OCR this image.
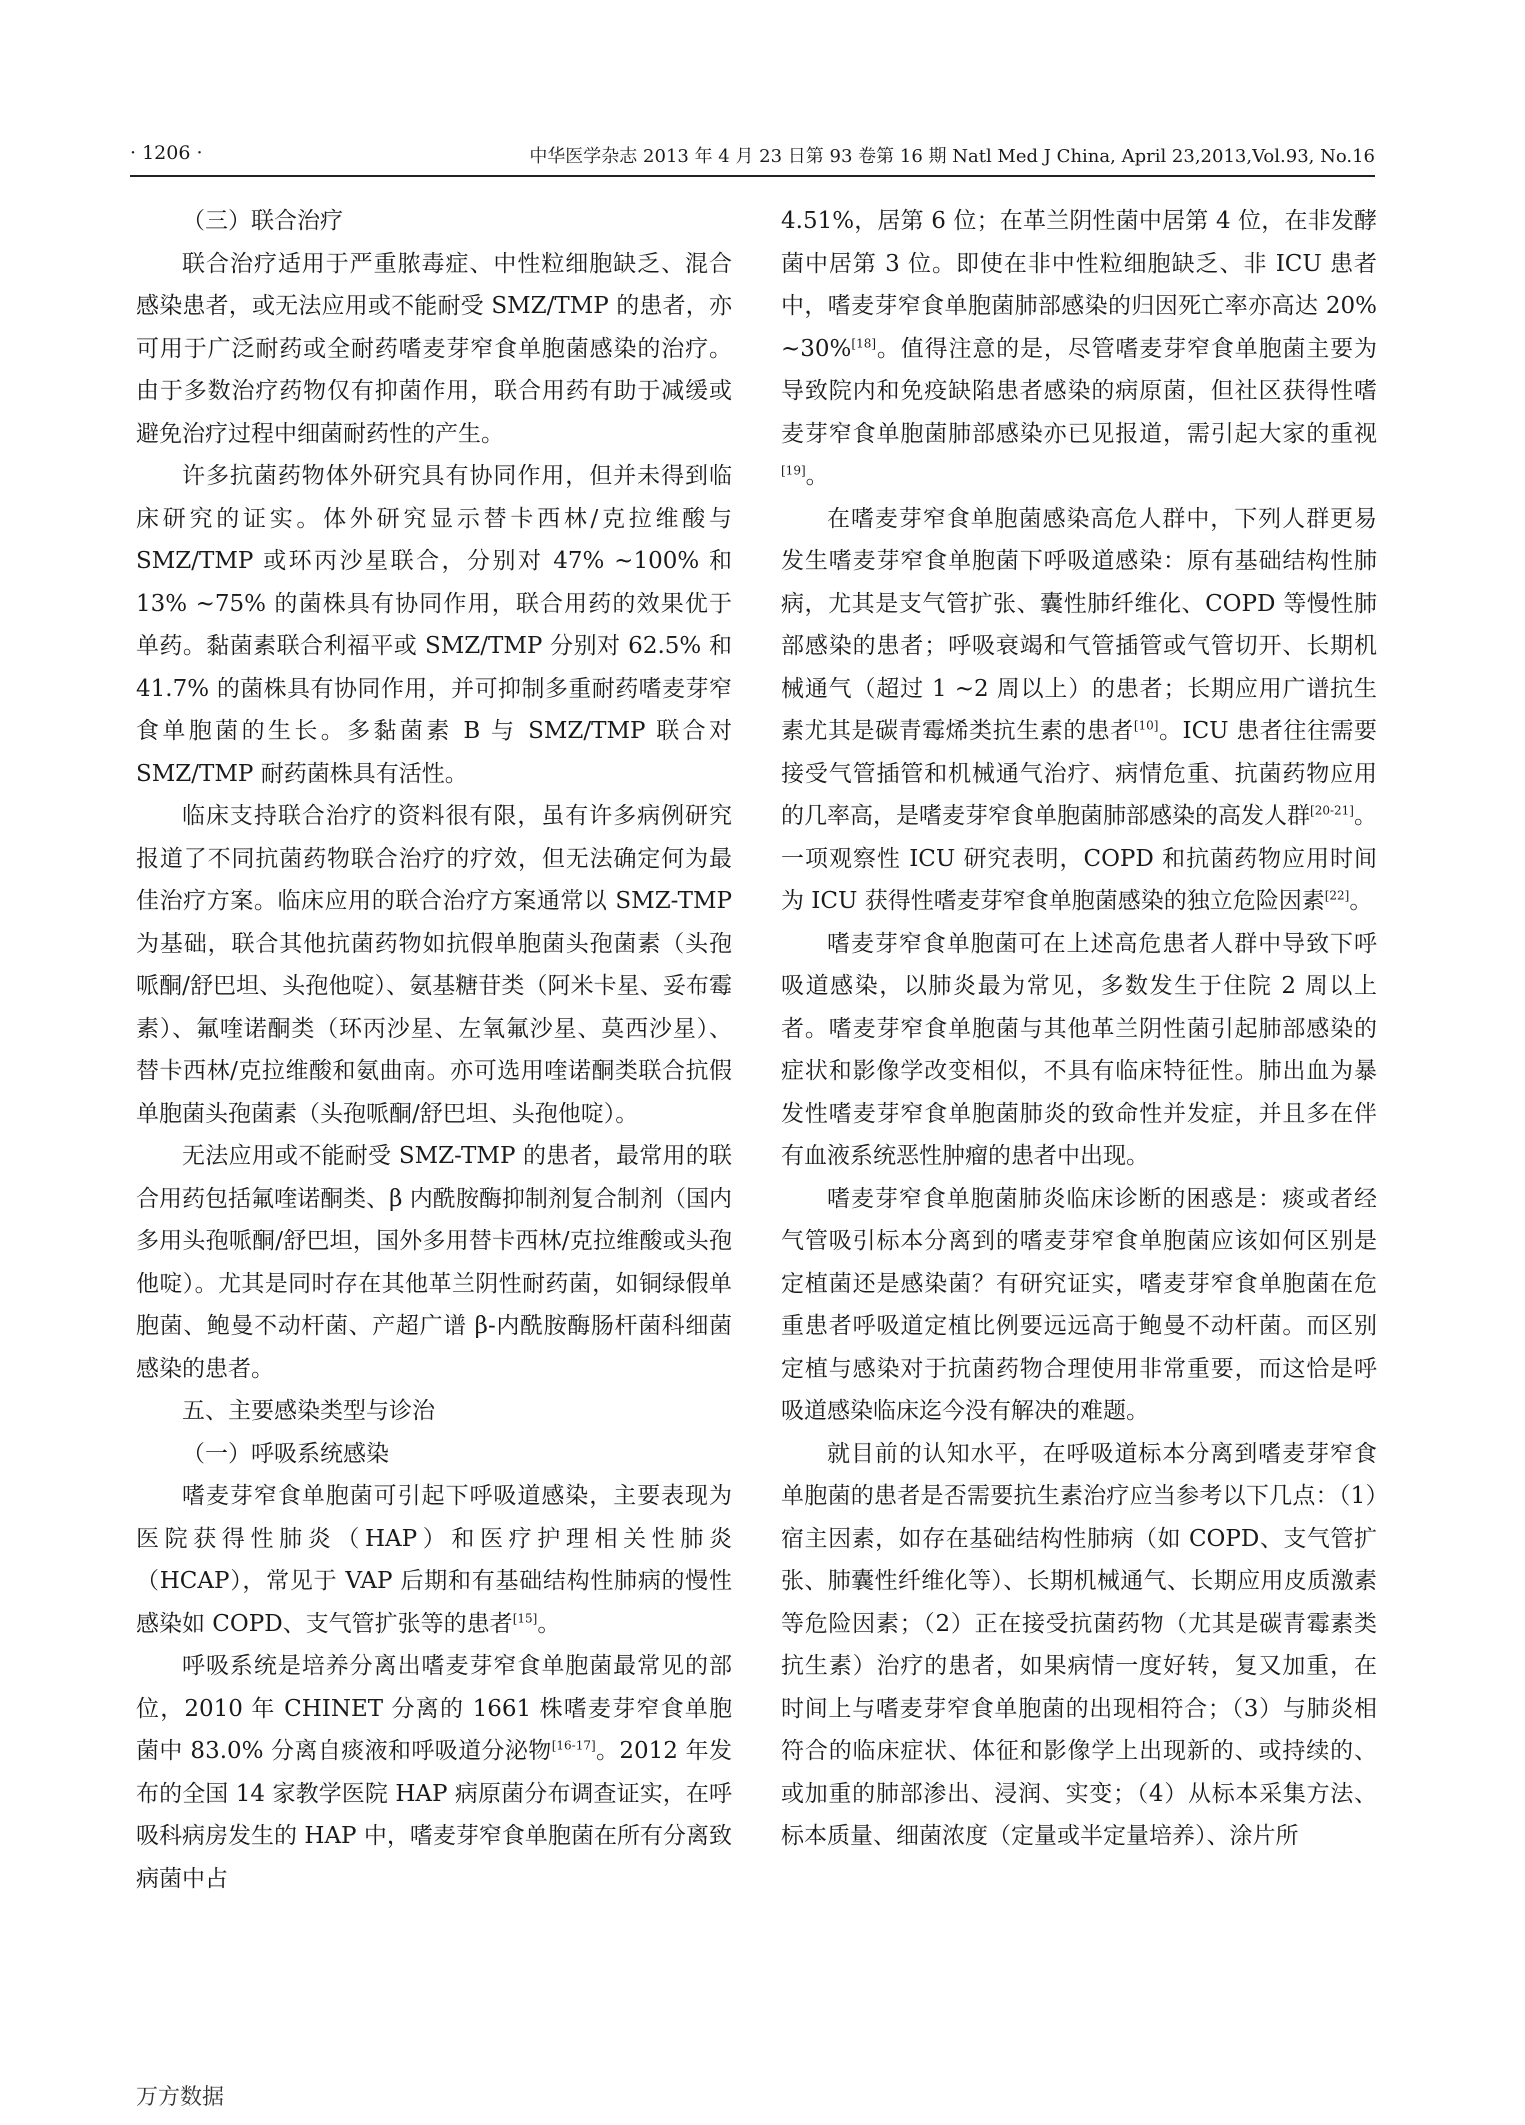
· 1206 ·	中华医学杂志 2013 年 4 月 23 日第 93 卷第 16 期 Natl Med J China, April 23,2013,Vol.93, No.16

（三）联合治疗

联合治疗适用于严重脓毒症、中性粒细胞缺乏、混合感染患者，或无法应用或不能耐受 SMZ/TMP 的患者，亦可用于广泛耐药或全耐药嗜麦芽窄食单胞菌感染的治疗。由于多数治疗药物仅有抑菌作用，联合用药有助于减缓或避免治疗过程中细菌耐药性的产生。

许多抗菌药物体外研究具有协同作用，但并未得到临床研究的证实。体外研究显示替卡西林/克拉维酸与 SMZ/TMP 或环丙沙星联合，分别对 47% ~100% 和 13% ~75% 的菌株具有协同作用，联合用药的效果优于单药。黏菌素联合利福平或 SMZ/TMP 分别对 62.5% 和 41.7% 的菌株具有协同作用，并可抑制多重耐药嗜麦芽窄食单胞菌的生长。多黏菌素 B 与 SMZ/TMP 联合对 SMZ/TMP 耐药菌株具有活性。

临床支持联合治疗的资料很有限，虽有许多病例研究报道了不同抗菌药物联合治疗的疗效，但无法确定何为最佳治疗方案。临床应用的联合治疗方案通常以 SMZ-TMP 为基础，联合其他抗菌药物如抗假单胞菌头孢菌素（头孢哌酮/舒巴坦、头孢他啶）、氨基糖苷类（阿米卡星、妥布霉素）、氟喹诺酮类（环丙沙星、左氧氟沙星、莫西沙星）、替卡西林/克拉维酸和氨曲南。亦可选用喹诺酮类联合抗假单胞菌头孢菌素（头孢哌酮/舒巴坦、头孢他啶）。

无法应用或不能耐受 SMZ-TMP 的患者，最常用的联合用药包括氟喹诺酮类、β 内酰胺酶抑制剂复合制剂（国内多用头孢哌酮/舒巴坦，国外多用替卡西林/克拉维酸或头孢他啶）。尤其是同时存在其他革兰阴性耐药菌，如铜绿假单胞菌、鲍曼不动杆菌、产超广谱 β-内酰胺酶肠杆菌科细菌感染的患者。

五、主要感染类型与诊治

（一）呼吸系统感染

嗜麦芽窄食单胞菌可引起下呼吸道感染，主要表现为医院获得性肺炎（HAP）和医疗护理相关性肺炎（HCAP），常见于 VAP 后期和有基础结构性肺病的慢性感染如 COPD、支气管扩张等的患者[15]。

呼吸系统是培养分离出嗜麦芽窄食单胞菌最常见的部位，2010 年 CHINET 分离的 1661 株嗜麦芽窄食单胞菌中 83.0% 分离自痰液和呼吸道分泌物[16-17]。2012 年发布的全国 14 家教学医院 HAP 病原菌分布调查证实，在呼吸科病房发生的 HAP 中，嗜麦芽窄食单胞菌在所有分离致病菌中占

4.51%，居第 6 位；在革兰阴性菌中居第 4 位，在非发酵菌中居第 3 位。即使在非中性粒细胞缺乏、非 ICU 患者中，嗜麦芽窄食单胞菌肺部感染的归因死亡率亦高达 20% ~30%[18]。值得注意的是，尽管嗜麦芽窄食单胞菌主要为导致院内和免疫缺陷患者感染的病原菌，但社区获得性嗜麦芽窄食单胞菌肺部感染亦已见报道，需引起大家的重视[19]。

在嗜麦芽窄食单胞菌感染高危人群中，下列人群更易发生嗜麦芽窄食单胞菌下呼吸道感染：原有基础结构性肺病，尤其是支气管扩张、囊性肺纤维化、COPD 等慢性肺部感染的患者；呼吸衰竭和气管插管或气管切开、长期机械通气（超过 1 ~2 周以上）的患者；长期应用广谱抗生素尤其是碳青霉烯类抗生素的患者[10]。ICU 患者往往需要接受气管插管和机械通气治疗、病情危重、抗菌药物应用的几率高，是嗜麦芽窄食单胞菌肺部感染的高发人群[20-21]。一项观察性 ICU 研究表明，COPD 和抗菌药物应用时间为 ICU 获得性嗜麦芽窄食单胞菌感染的独立危险因素[22]。

嗜麦芽窄食单胞菌可在上述高危患者人群中导致下呼吸道感染，以肺炎最为常见，多数发生于住院 2 周以上者。嗜麦芽窄食单胞菌与其他革兰阴性菌引起肺部感染的症状和影像学改变相似，不具有临床特征性。肺出血为暴发性嗜麦芽窄食单胞菌肺炎的致命性并发症，并且多在伴有血液系统恶性肿瘤的患者中出现。

嗜麦芽窄食单胞菌肺炎临床诊断的困惑是：痰或者经气管吸引标本分离到的嗜麦芽窄食单胞菌应该如何区别是定植菌还是感染菌？有研究证实，嗜麦芽窄食单胞菌在危重患者呼吸道定植比例要远远高于鲍曼不动杆菌。而区别定植与感染对于抗菌药物合理使用非常重要，而这恰是呼吸道感染临床迄今没有解决的难题。

就目前的认知水平，在呼吸道标本分离到嗜麦芽窄食单胞菌的患者是否需要抗生素治疗应当参考以下几点：（1）宿主因素，如存在基础结构性肺病（如 COPD、支气管扩张、肺囊性纤维化等）、长期机械通气、长期应用皮质激素等危险因素；（2）正在接受抗菌药物（尤其是碳青霉素类抗生素）治疗的患者，如果病情一度好转，复又加重，在时间上与嗜麦芽窄食单胞菌的出现相符合；（3）与肺炎相符合的临床症状、体征和影像学上出现新的、或持续的、或加重的肺部渗出、浸润、实变；（4）从标本采集方法、标本质量、细菌浓度（定量或半定量培养）、涂片所

万方数据
